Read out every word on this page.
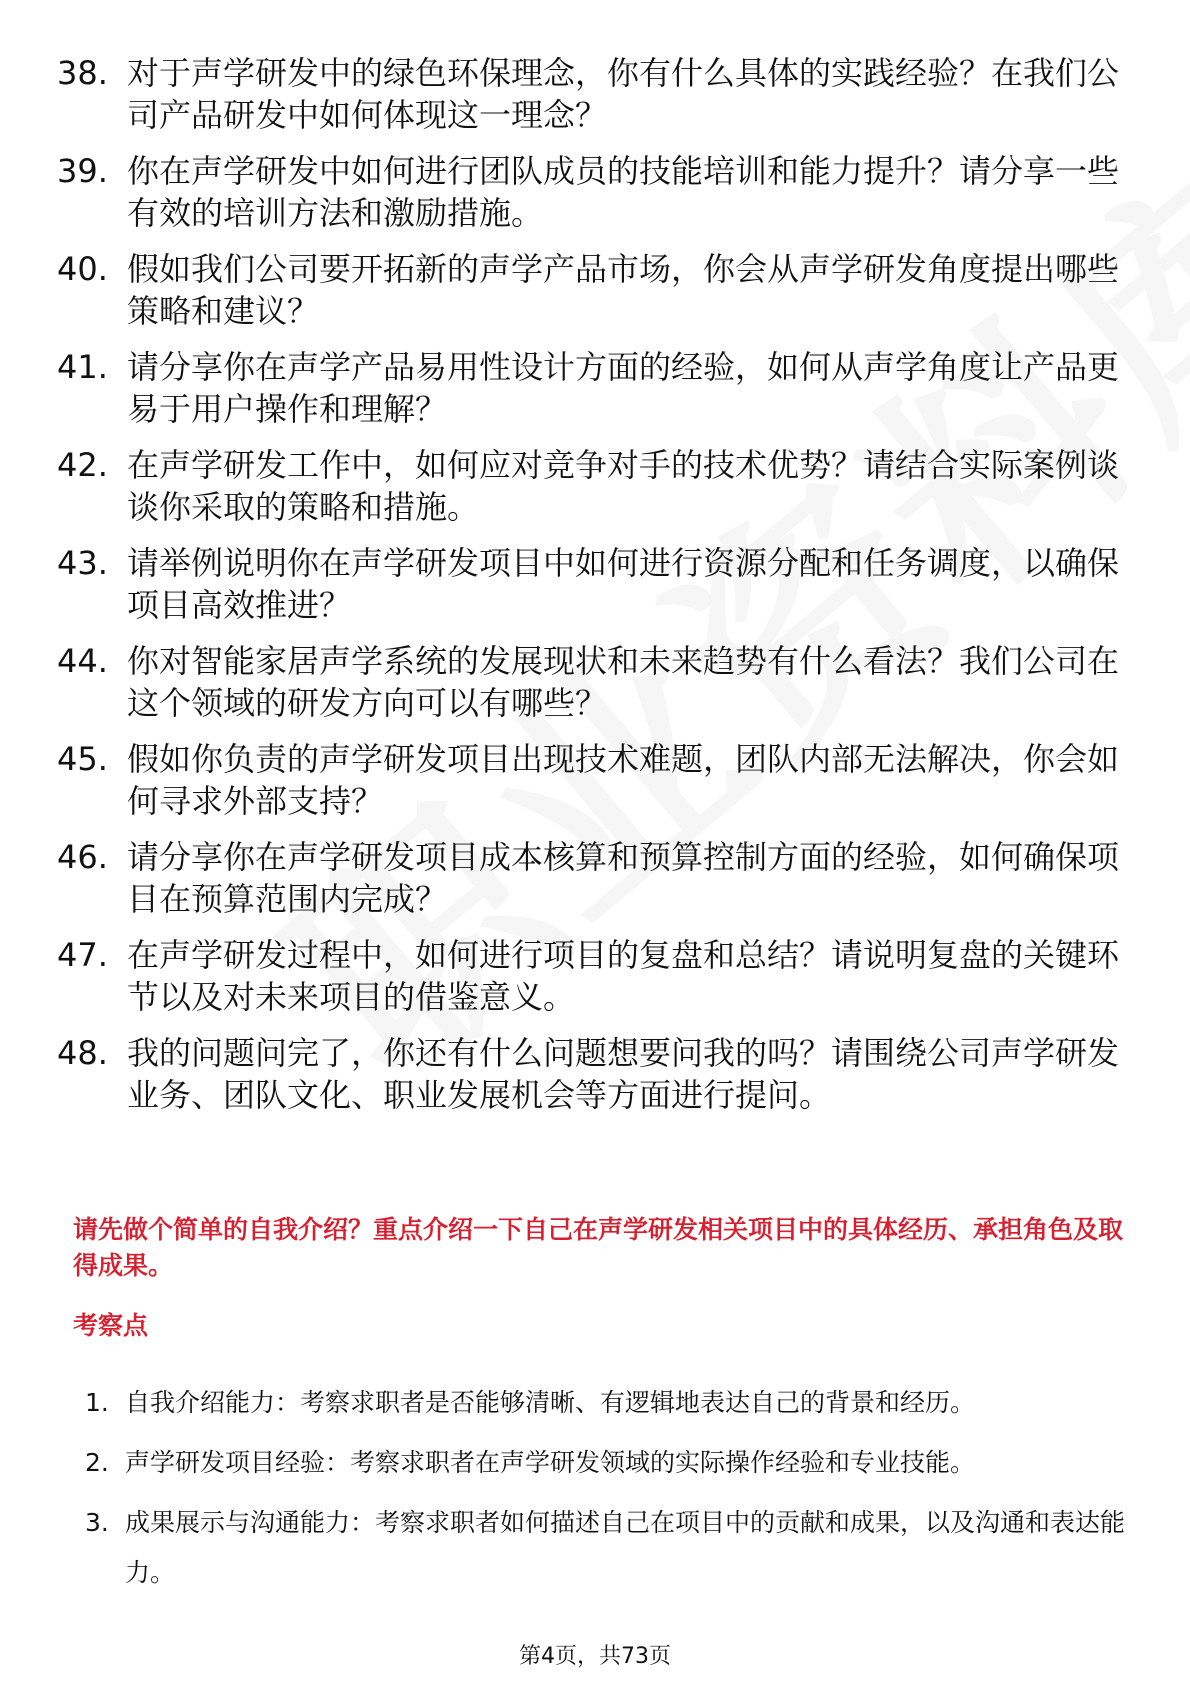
38. 对于声学研发中的绿色环保理念，你有什么具体的实践经验？在我们公司产品研发中如何体现这一理念？
39. 你在声学研发中如何进行团队成员的技能培训和能力提升？请分享一些有效的培训方法和激励措施。
40. 假如我们公司要开拓新的声学产品市场，你会从声学研发角度提出哪些策略和建议？
41. 请分享你在声学产品易用性设计方面的经验，如何从声学角度让产品更易于用户操作和理解？
42. 在声学研发工作中，如何应对竞争对手的技术优势？请结合实际案例谈谈你采取的策略和措施。
43. 请举例说明你在声学研发项目中如何进行资源分配和任务调度，以确保项目高效推进？
44. 你对智能家居声学系统的发展现状和未来趋势有什么看法？我们公司在这个领域的研发方向可以有哪些？
45. 假如你负责的声学研发项目出现技术难题，团队内部无法解决，你会如何寻求外部支持？
46. 请分享你在声学研发项目成本核算和预算控制方面的经验，如何确保项目在预算范围内完成？
47. 在声学研发过程中，如何进行项目的复盘和总结？请说明复盘的关键环节以及对未来项目的借鉴意义。
48. 我的问题问完了，你还有什么问题想要问我的吗？请围绕公司声学研发业务、团队文化、职业发展机会等方面进行提问。

请先做个简单的自我介绍？重点介绍一下自己在声学研发相关项目中的具体经历、承担角色及取得成果。

考察点

1. 自我介绍能力：考察求职者是否能够清晰、有逻辑地表达自己的背景和经历。
2. 声学研发项目经验：考察求职者在声学研发领域的实际操作经验和专业技能。
3. 成果展示与沟通能力：考察求职者如何描述自己在项目中的贡献和成果，以及沟通和表达能力。
第4页，共73页
